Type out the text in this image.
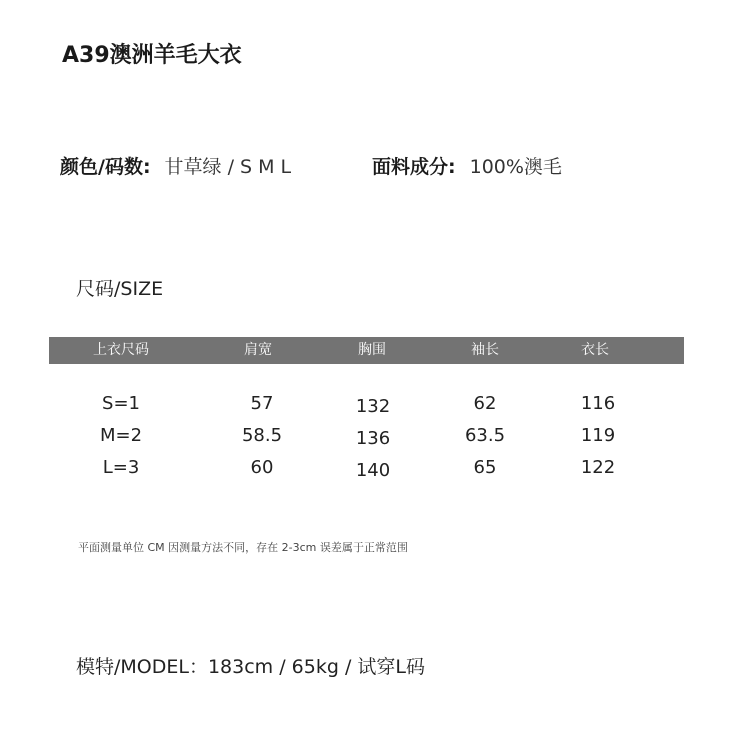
A39澳洲羊毛大衣
颜色/码数: 甘草绿 / S M L	面料成分: 100%澳毛
尺码/SIZE
上衣尺码	肩宽	胸围	袖长	衣长
S=1	57	132	62	116
M=2	58.5	136	63.5	119
L=3	60	140	65	122
平面测量单位 CM 因测量方法不同，存在 2-3cm 误差属于正常范围
模特/MODEL：183cm / 65kg / 试穿L码
